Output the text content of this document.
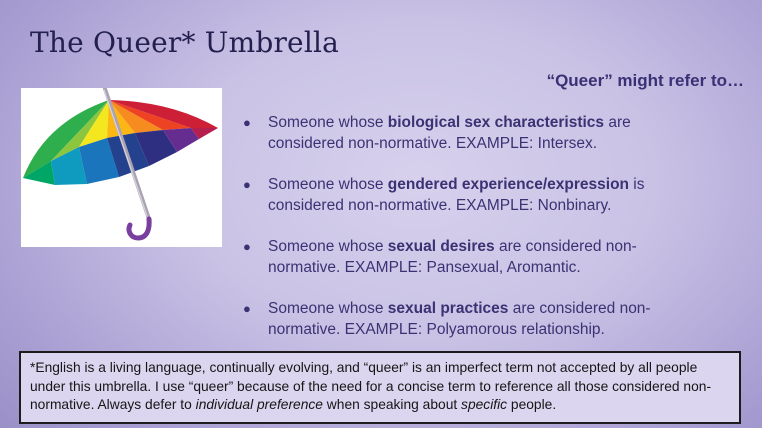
The Queer* Umbrella
“Queer” might refer to…
●	Someone whose biological sex characteristics are considered non-normative. EXAMPLE: Intersex.
●	Someone whose gendered experience/expression is considered non-normative. EXAMPLE: Nonbinary.
●	Someone whose sexual desires are considered non-normative. EXAMPLE: Pansexual, Aromantic.
●	Someone whose sexual practices are considered non-normative. EXAMPLE: Polyamorous relationship.
*English is a living language, continually evolving, and “queer” is an imperfect term not accepted by all people under this umbrella. I use “queer” because of the need for a concise term to reference all those considered non-normative. Always defer to individual preference when speaking about specific people.
